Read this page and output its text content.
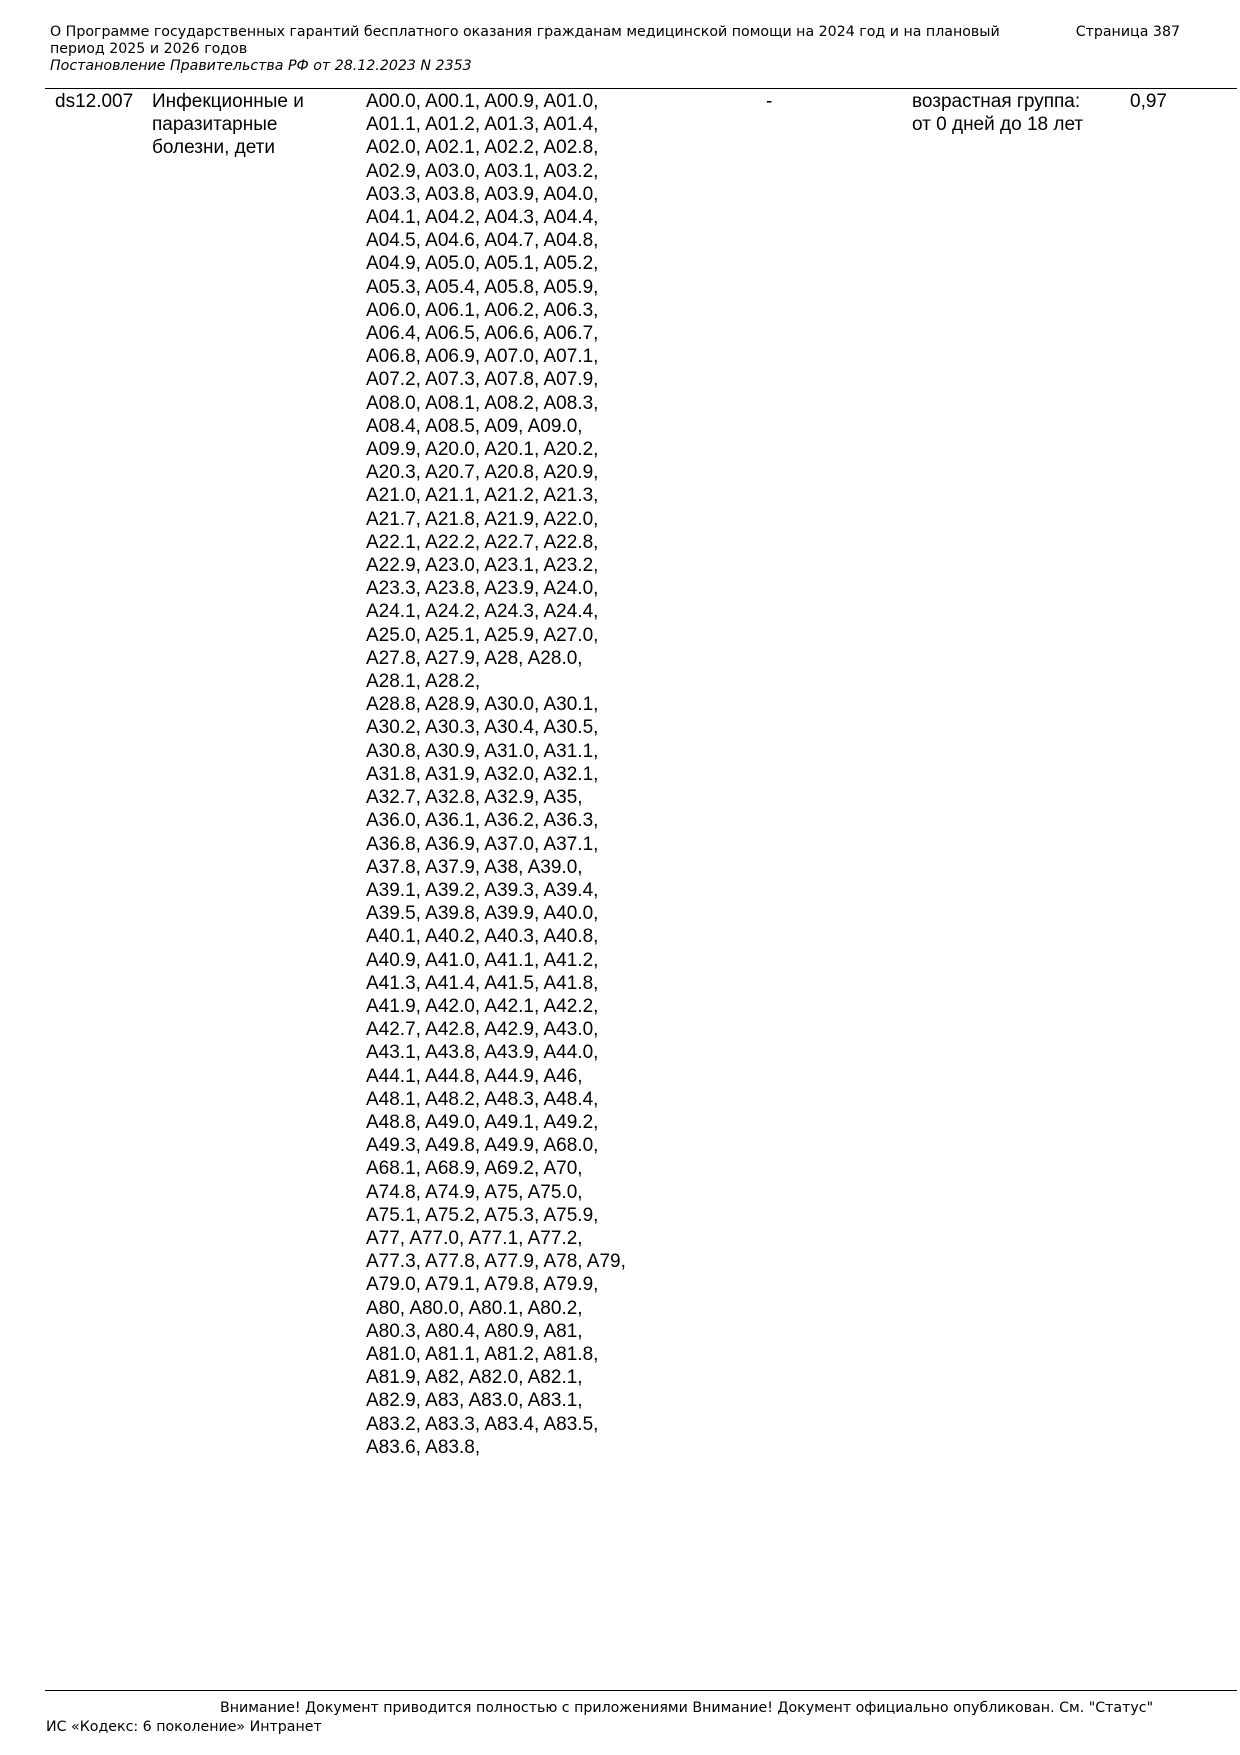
О Программе государственных гарантий бесплатного оказания гражданам медицинской помощи на 2024 год и на плановый период 2025 и 2026 годов
Постановление Правительства РФ от 28.12.2023 N 2353
Страница 387
ds12.007 Инфекционные и
паразитарные
болезни, дети
A00.0, A00.1, A00.9, A01.0,
A01.1, A01.2, A01.3, A01.4,
A02.0, A02.1, A02.2, A02.8,
A02.9, A03.0, A03.1, A03.2,
A03.3, A03.8, A03.9, A04.0,
A04.1, A04.2, A04.3, A04.4,
A04.5, A04.6, A04.7, A04.8,
A04.9, A05.0, A05.1, A05.2,
A05.3, A05.4, A05.8, A05.9,
A06.0, A06.1, A06.2, A06.3,
A06.4, A06.5, A06.6, A06.7,
A06.8, A06.9, A07.0, A07.1,
A07.2, A07.3, A07.8, A07.9,
A08.0, A08.1, A08.2, A08.3,
A08.4, A08.5, A09, A09.0,
A09.9, A20.0, A20.1, A20.2,
A20.3, A20.7, A20.8, A20.9,
A21.0, A21.1, A21.2, A21.3,
A21.7, A21.8, A21.9, A22.0,
A22.1, A22.2, A22.7, A22.8,
A22.9, A23.0, A23.1, A23.2,
A23.3, A23.8, A23.9, A24.0,
A24.1, A24.2, A24.3, A24.4,
A25.0, A25.1, A25.9, A27.0,
A27.8, A27.9, A28, A28.0,
A28.1, A28.2,
A28.8, A28.9, A30.0, A30.1,
A30.2, A30.3, A30.4, A30.5,
A30.8, A30.9, A31.0, A31.1,
A31.8, A31.9, A32.0, A32.1,
A32.7, A32.8, A32.9, A35,
A36.0, A36.1, A36.2, A36.3,
A36.8, A36.9, A37.0, A37.1,
A37.8, A37.9, A38, A39.0,
A39.1, A39.2, A39.3, A39.4,
A39.5, A39.8, A39.9, A40.0,
A40.1, A40.2, A40.3, A40.8,
A40.9, A41.0, A41.1, A41.2,
A41.3, A41.4, A41.5, A41.8,
A41.9, A42.0, A42.1, A42.2,
A42.7, A42.8, A42.9, A43.0,
A43.1, A43.8, A43.9, A44.0,
A44.1, A44.8, A44.9, A46,
A48.1, A48.2, A48.3, A48.4,
A48.8, A49.0, A49.1, A49.2,
A49.3, A49.8, A49.9, A68.0,
A68.1, A68.9, A69.2, A70,
A74.8, A74.9, A75, A75.0,
A75.1, A75.2, A75.3, A75.9,
A77, A77.0, A77.1, A77.2,
A77.3, A77.8, A77.9, A78, A79,
A79.0, A79.1, A79.8, A79.9,
A80, A80.0, A80.1, A80.2,
A80.3, A80.4, A80.9, A81,
A81.0, A81.1, A81.2, A81.8,
A81.9, A82, A82.0, A82.1,
A82.9, A83, A83.0, A83.1,
A83.2, A83.3, A83.4, A83.5,
A83.6, A83.8,
-	возрастная группа:
от 0 дней до 18 лет
0,97
Внимание! Документ приводится полностью с приложениями Внимание! Документ официально опубликован. См. "Статус"
ИС «Кодекс: 6 поколение» Интранет
